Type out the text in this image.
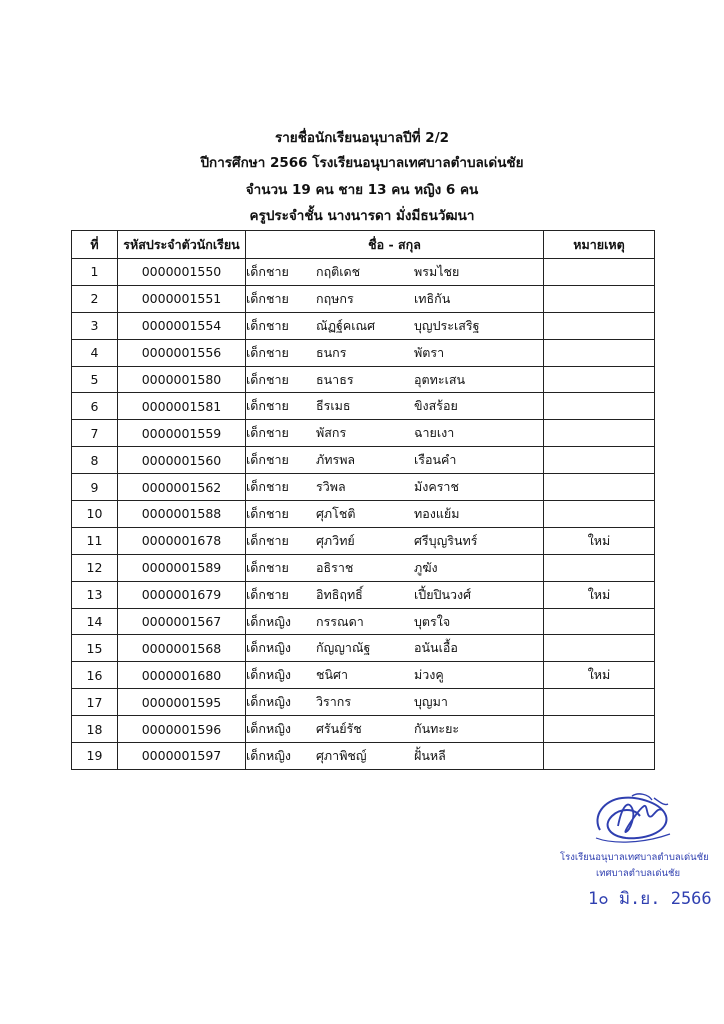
รายชื่อนักเรียนอนุบาลปีที่ 2/2
ปีการศึกษา 2566 โรงเรียนอนุบาลเทศบาลตำบลเด่นชัย
จำนวน 19 คน ชาย 13 คน หญิง 6 คน
ครูประจำชั้น นางนารดา มั่งมีธนวัฒนา
ที่	รหัสประจำตัวนักเรียน	ชื่อ - สกุล	หมายเหตุ
1	0000001550	เด็กชาย กฤติเดช พรมไชย	
2	0000001551	เด็กชาย กฤษกร เทธิกัน	
3	0000001554	เด็กชาย ณัฏฐ์คเณศ บุญประเสริฐ	
4	0000001556	เด็กชาย ธนกร พัตรา	
5	0000001580	เด็กชาย ธนาธร อุตทะเสน	
6	0000001581	เด็กชาย ธีรเมธ ขิงสร้อย	
7	0000001559	เด็กชาย พัสกร ฉายเงา	
8	0000001560	เด็กชาย ภัทรพล เรือนคำ	
9	0000001562	เด็กชาย รวิพล มังคราช	
10	0000001588	เด็กชาย ศุภโชติ ทองแย้ม	
11	0000001678	เด็กชาย ศุภวิทย์ ศรีบุญรินทร์	ใหม่
12	0000001589	เด็กชาย อธิราช ภูฆัง	
13	0000001679	เด็กชาย อิทธิฤทธิ์ เปี้ยปินวงศ์	ใหม่
14	0000001567	เด็กหญิง กรรณดา บุตรใจ	
15	0000001568	เด็กหญิง กัญญาณัฐ อนันเอื้อ	
16	0000001680	เด็กหญิง ชนิศา ม่วงคู	ใหม่
17	0000001595	เด็กหญิง วิรากร บุญมา	
18	0000001596	เด็กหญิง ศรันย์รัช กันทะยะ	
19	0000001597	เด็กหญิง ศุภาพิชญ์ ฝั้นหลี	
โรงเรียนอนุบาลเทศบาลตำบลเด่นชัย
เทศบาลตำบลเด่นชัย
1๐ มิ.ย. 2566
